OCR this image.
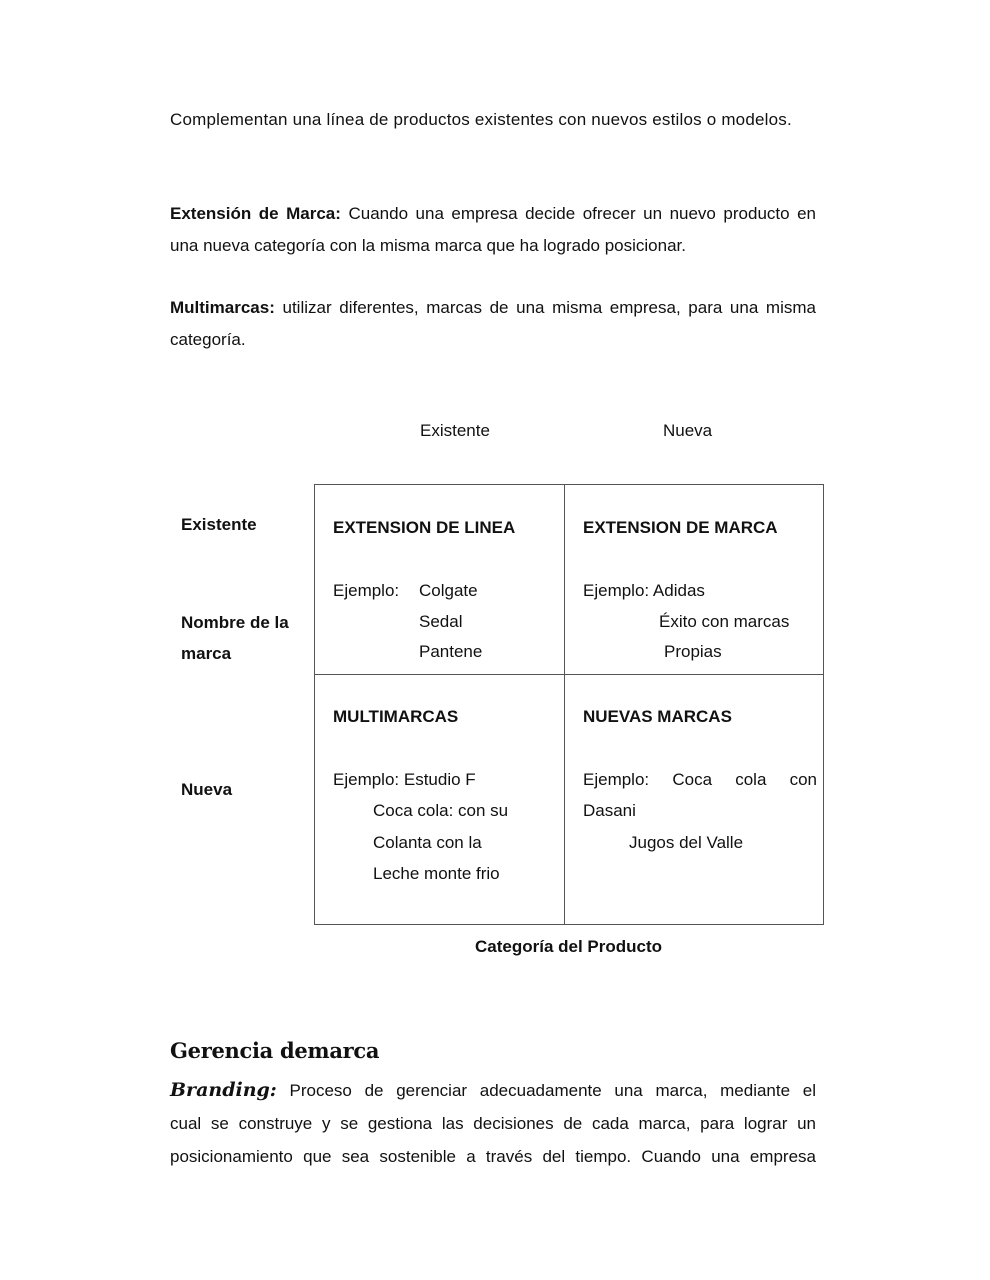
Complementan una línea de productos existentes con nuevos estilos o modelos.
Extensión de Marca: Cuando una empresa decide ofrecer un nuevo producto en una nueva categoría con la misma marca que ha logrado posicionar.
Multimarcas: utilizar diferentes, marcas de una misma empresa, para una misma categoría.
Existente	Nueva
Existente
Nombre de la
marca
Nueva
EXTENSION DE LINEA
Ejemplo: Colgate
Sedal
Pantene
EXTENSION DE MARCA
Ejemplo: Adidas
Éxito con marcas
Propias
MULTIMARCAS
Ejemplo: Estudio F
Coca cola: con su
Colanta con la
Leche monte frio
NUEVAS MARCAS
Ejemplo: Coca cola con
Dasani
Jugos del Valle
Categoría del Producto
Gerencia demarca
Branding: Proceso de gerenciar adecuadamente una marca, mediante el
cual se construye y se gestiona las decisiones de cada marca, para lograr un
posicionamiento que sea sostenible a través del tiempo. Cuando una empresa
